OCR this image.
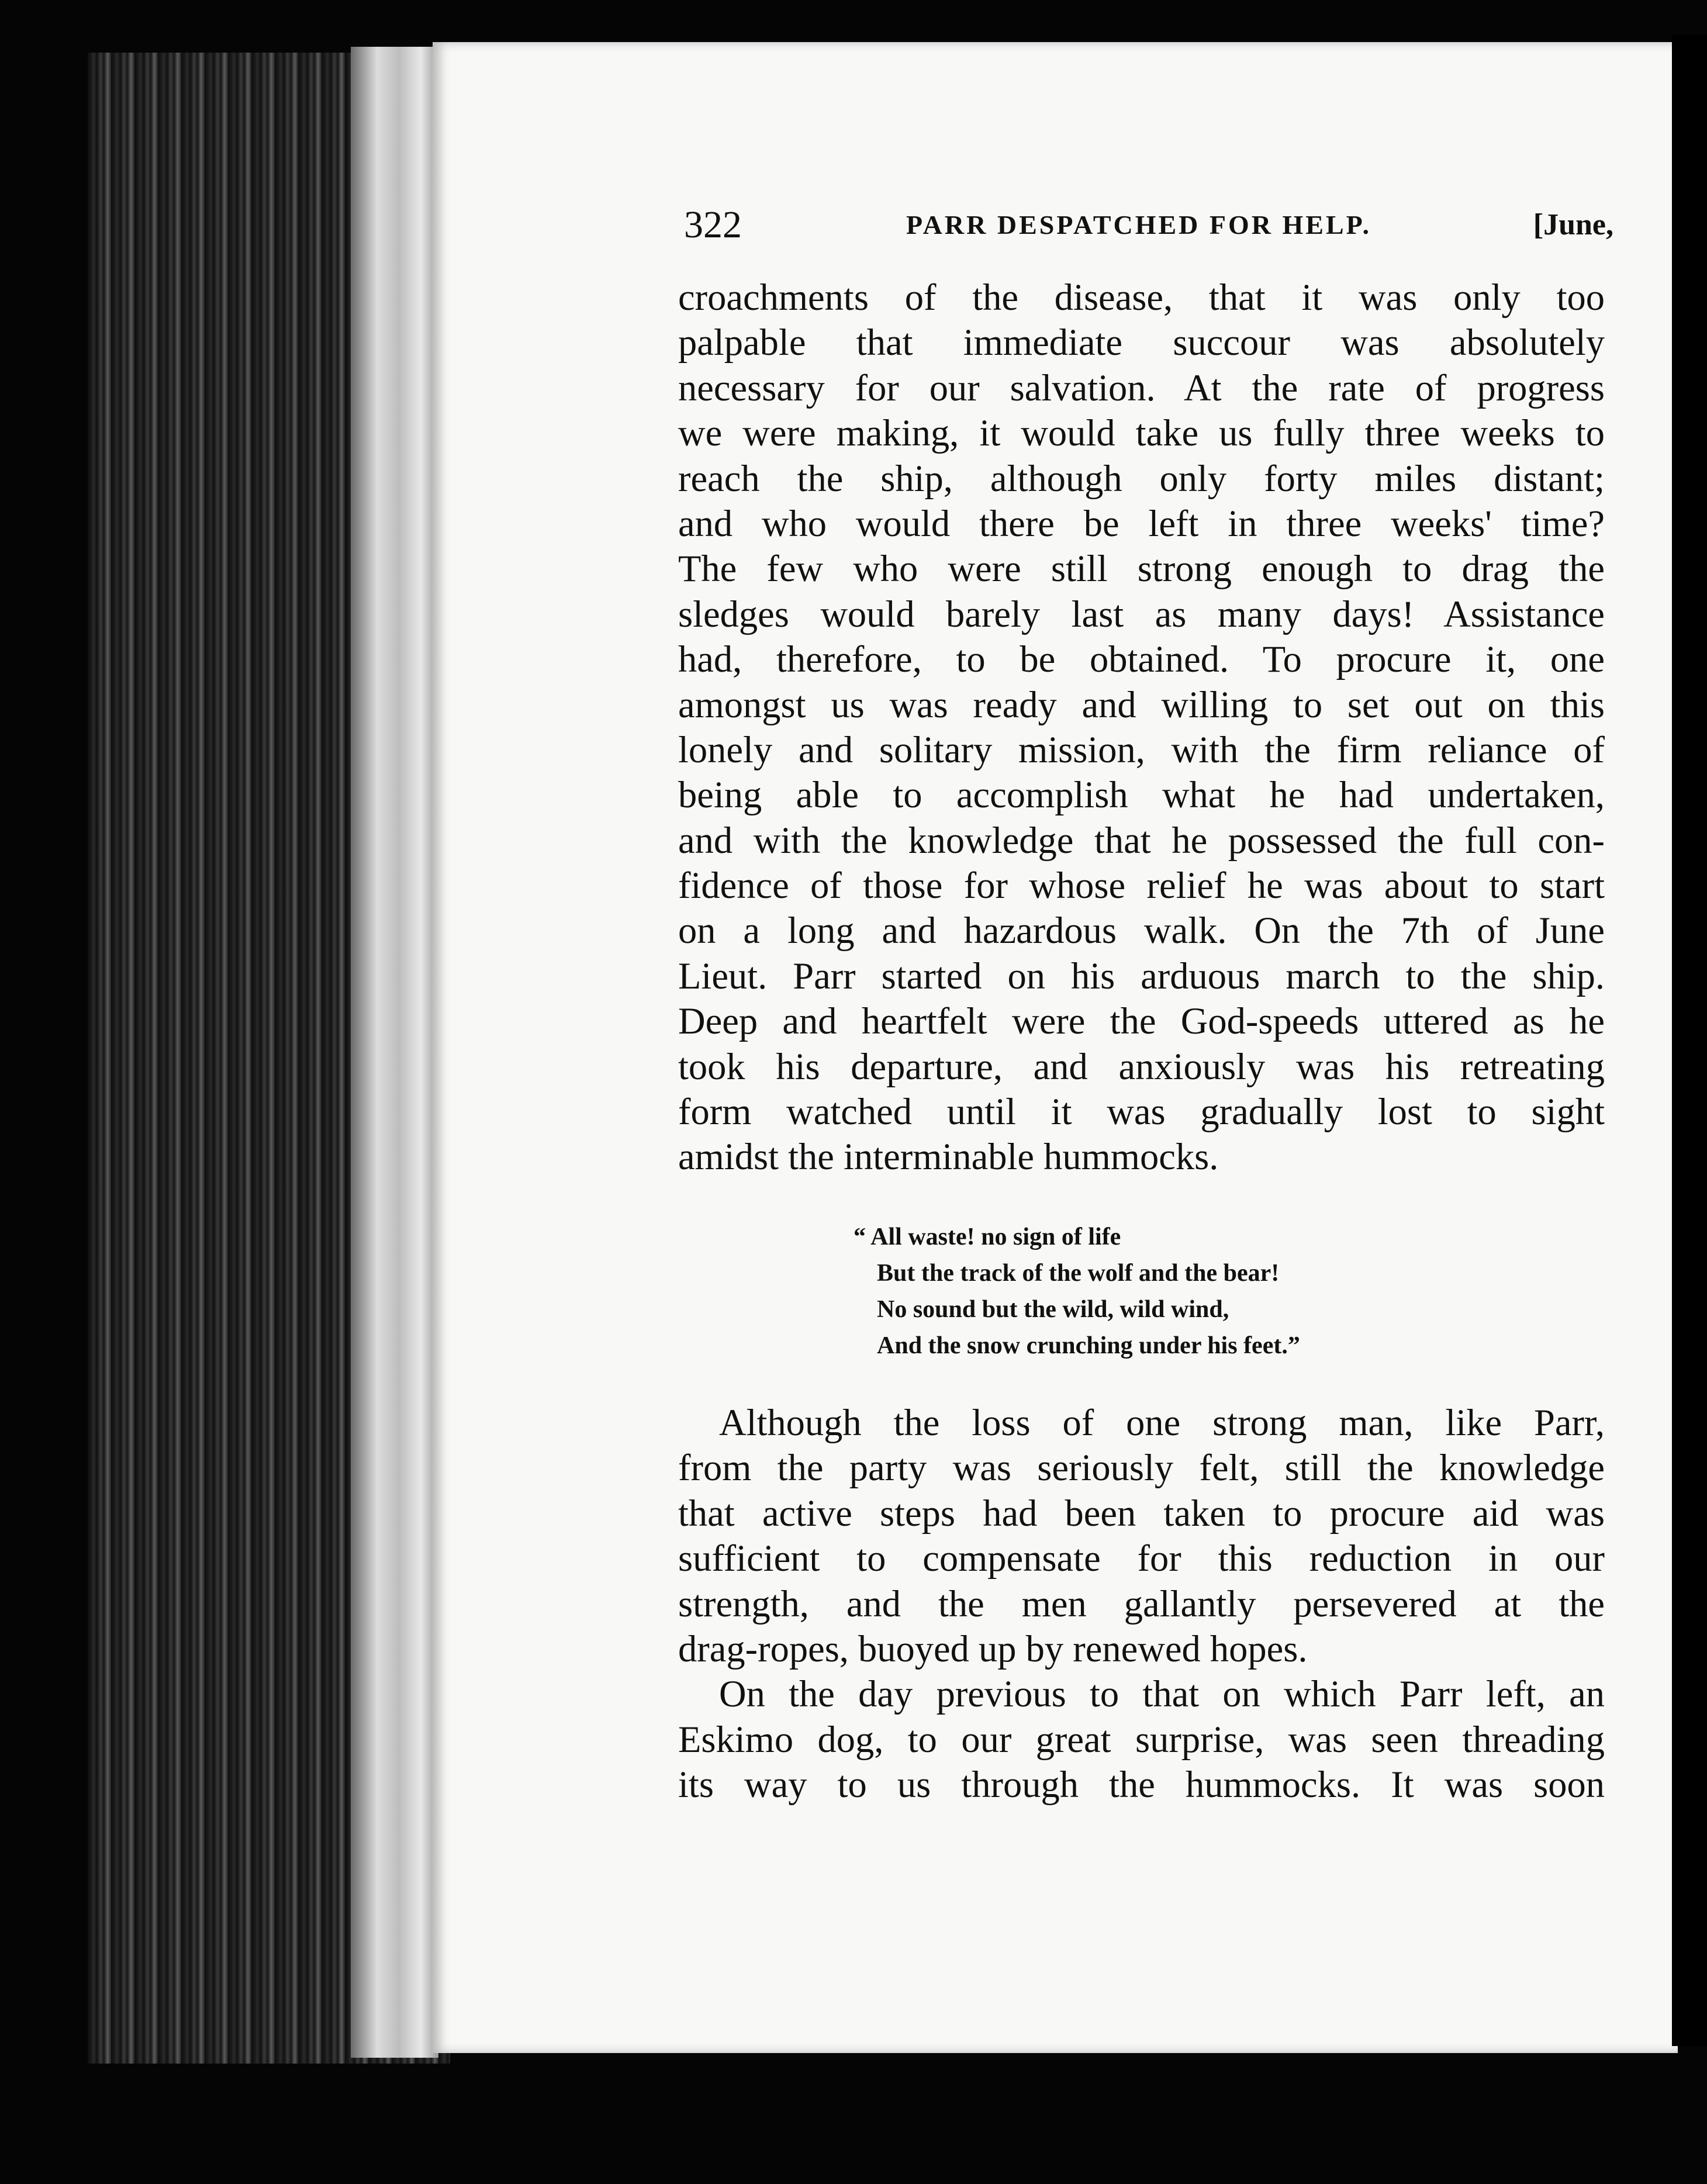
322	PARR DESPATCHED FOR HELP.	[June,
croachments of the disease, that it was only too
palpable that immediate succour was absolutely
necessary for our salvation. At the rate of progress
we were making, it would take us fully three weeks to
reach the ship, although only forty miles distant;
and who would there be left in three weeks' time?
The few who were still strong enough to drag the
sledges would barely last as many days! Assistance
had, therefore, to be obtained. To procure it, one
amongst us was ready and willing to set out on this
lonely and solitary mission, with the firm reliance of
being able to accomplish what he had undertaken,
and with the knowledge that he possessed the full con-
fidence of those for whose relief he was about to start
on a long and hazardous walk. On the 7th of June
Lieut. Parr started on his arduous march to the ship.
Deep and heartfelt were the God-speeds uttered as he
took his departure, and anxiously was his retreating
form watched until it was gradually lost to sight
amidst the interminable hummocks.
“ All waste! no sign of life
But the track of the wolf and the bear!
No sound but the wild, wild wind,
And the snow crunching under his feet.”
Although the loss of one strong man, like Parr,
from the party was seriously felt, still the knowledge
that active steps had been taken to procure aid was
sufficient to compensate for this reduction in our
strength, and the men gallantly persevered at the
drag-ropes, buoyed up by renewed hopes.
On the day previous to that on which Parr left, an
Eskimo dog, to our great surprise, was seen threading
its way to us through the hummocks. It was soon
